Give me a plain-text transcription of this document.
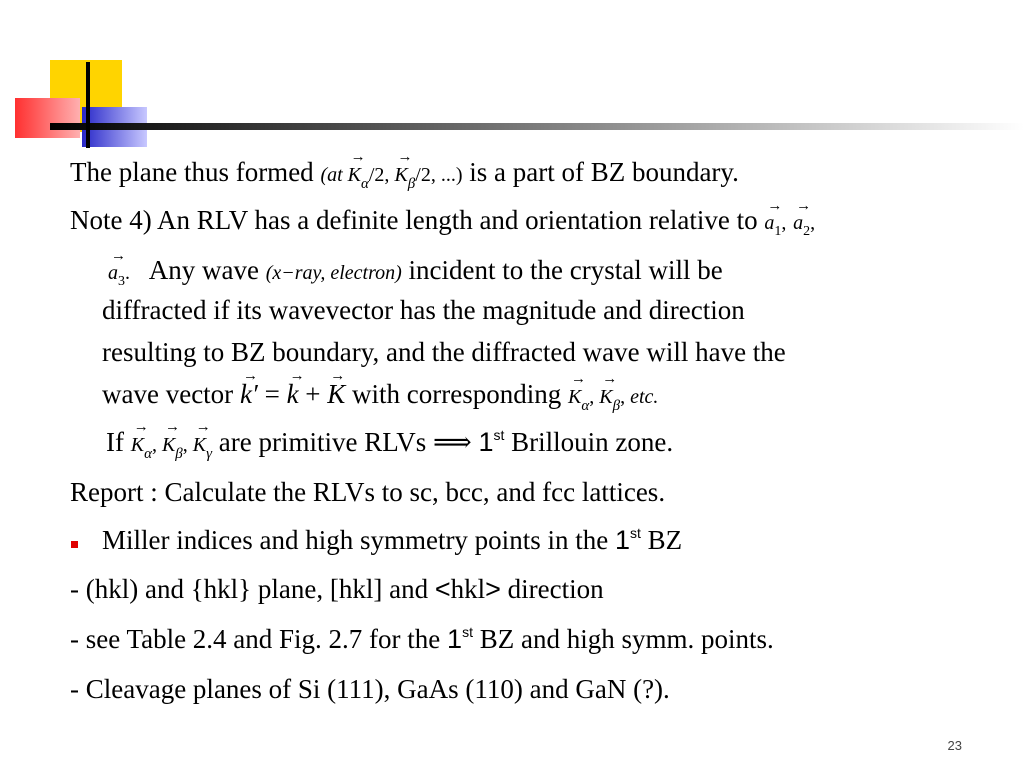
The plane thus formed ($at \to K_\alpha/2$, → $K_\beta/2$, ...) is a part of BZ boundary.
Note 4) An RLV has a definite length and orientation relative to → $a_1$, → $a_2$,
→ $a_3$. Any wave (x−ray, electron) incident to the crystal will be
diffracted if its wavevector has the magnitude and direction
resulting to BZ boundary, and the diffracted wave will have the
wave vector → k′ = → k + → K with corresponding → $K_\alpha$, → $K_\beta$, etc.
$If \to K_\alpha$, → $K_\beta$, → $K_\gamma$ are primitive RLVs ⟹ 1st Brillouin zone.
Report : Calculate the RLVs to sc, bcc, and fcc lattices.
Miller indices and high symmetry points in the 1st BZ
- (hkl) and {hkl} plane, [hkl] and <hkl> direction
- see Table 2.4 and Fig. 2.7 for the 1st BZ and high symm. points.
- Cleavage planes of Si (111), GaAs (110) and GaN (?).
23
